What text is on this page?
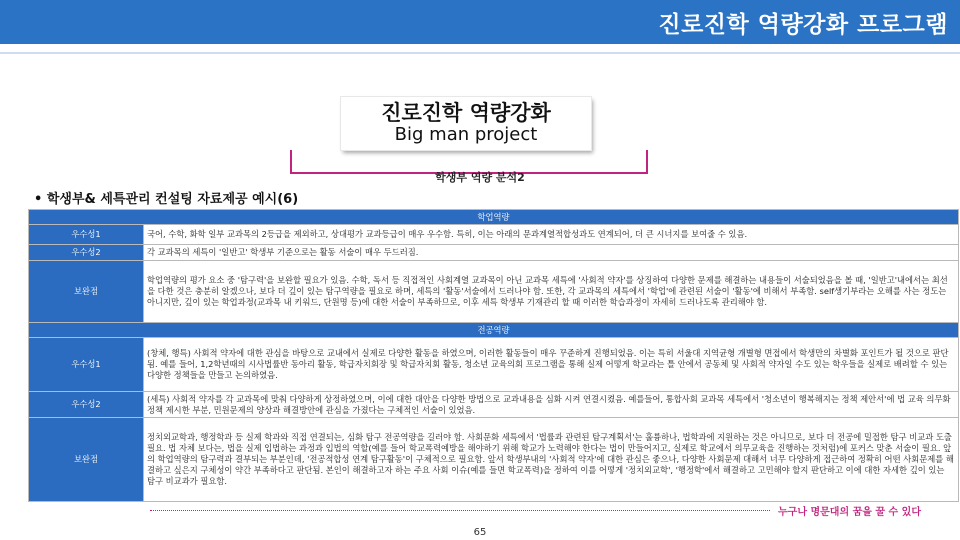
진로진학 역량강화 프로그램
진로진학 역량강화
Big man project
학생부 역량 분석2
• 학생부& 세특관리 컨설팅 자료제공 예시(6)
학업역량	
우수성1	국어, 수학, 화학 일부 교과목의 2등급을 제외하고, 상대평가 교과등급이 매우 우수함. 특히, 이는 아래의 문과계열적합성과도 연계되어, 더 큰 시너지를 보여줄 수 있음.
우수성2	각 교과목의 세특이 '일반고' 학생부 기준으로는 활동 서술이 매우 두드러짐.
보완점	학업역량의 평가 요소 중 '탐구력'을 보완할 필요가 있음. 수학, 독서 등 직접적인 사회계열 교과목이 아닌 교과목 세특에 '사회적 약자'를 상징하여 다양한 문제를 해결하는 내용들이 서술되었음을 볼 때, '일반고'내에서는 최선을 다한 것은 충분히 알겠으나, 보다 더 깊이 있는 탐구역량을 필요로 하며, 세특의 '활동'서술에서 드러나야 함. 또한, 각 교과목의 세특에서 '학업'에 관련된 서술이 '활동'에 비해서 부족함. self생기부라는 오해를 사는 정도는 아니지만, 깊이 있는 학업과정(교과목 내 키워드, 단원명 등)에 대한 서술이 부족하므로, 이후 세특 학생부 기재관리 할 때 이러한 학습과정이 자세히 드러나도록 관리해야 함.
전공역량	
우수성1	(창체, 행특) 사회적 약자에 대한 관심을 바탕으로 교내에서 실제로 다양한 활동을 하였으며, 이러한 활동들이 매우 꾸준하게 진행되었음. 이는 특히 서울대 지역균형 개별형 면접에서 학생만의 차별화 포인트가 될 것으로 판단됨. 예를 들어, 1,2학년때의 시사법률반 동아리 활동, 학급자치회장 및 학급자치회 활동, 청소년 교육의회 프로그램을 통해 실제 어떻게 학교라는 틀 안에서 공동체 및 사회적 약자일 수도 있는 학우들을 실제로 배려할 수 있는 다양한 정책들을 만들고 논의하였음.
우수성2	(세특) 사회적 약자를 각 교과목에 맞춰 다양하게 상정하였으며, 이에 대한 대안을 다양한 방법으로 교과내용을 심화 시켜 연결시켰음. 예를들어, 통합사회 교과목 세특에서 '청소년이 행복해지는 정책 제안서'에 법 교육 의무화 정책 제시한 부분, 민원문제의 양상과 해결방안에 관심을 가졌다는 구체적인 서술이 있었음.
보완점	정치외교학과, 행정학과 등 실제 학과와 직접 연결되는, 심화 탐구 전공역량을 길러야 함. 사회문화 세특에서 '법률과 관련된 탐구계획서'는 훌륭하나, 법학과에 지원하는 것은 아니므로, 보다 더 전공에 밀접한 탐구 비교과 도출 필요. 법 자체 보다는, 법을 실제 입법하는 과정과 입법의 역할(예를 들어 학교폭력예방을 해야하기 위해 학교가 노력해야 한다는 법이 만들어지고, 실제로 학교에서 의무교육을 진행하는 것처럼)에 포커스 맞춘 서술이 필요. 앞의 학업역량의 탐구력과 결부되는 부분인데, '전공적합성 연계 탐구활동'이 구체적으로 필요함. 앞서 학생부내의 '사회적 약자'에 대한 관심은 좋으나, 다양한 사회문제 대해서 너무 다양하게 접근하여 정확히 어떤 사회문제를 해결하고 싶은지 구체성이 약간 부족하다고 판단됨. 본인이 해결하고자 하는 주요 사회 이슈(예를 들면 학교폭력)을 정하여 이를 어떻게 '정치외교학', '행정학'에서 해결하고 고민해야 할지 판단하고 이에 대한 자세한 깊이 있는 탐구 비교과가 필요함.
누구나 명문대의 꿈을 꿀 수 있다
65
